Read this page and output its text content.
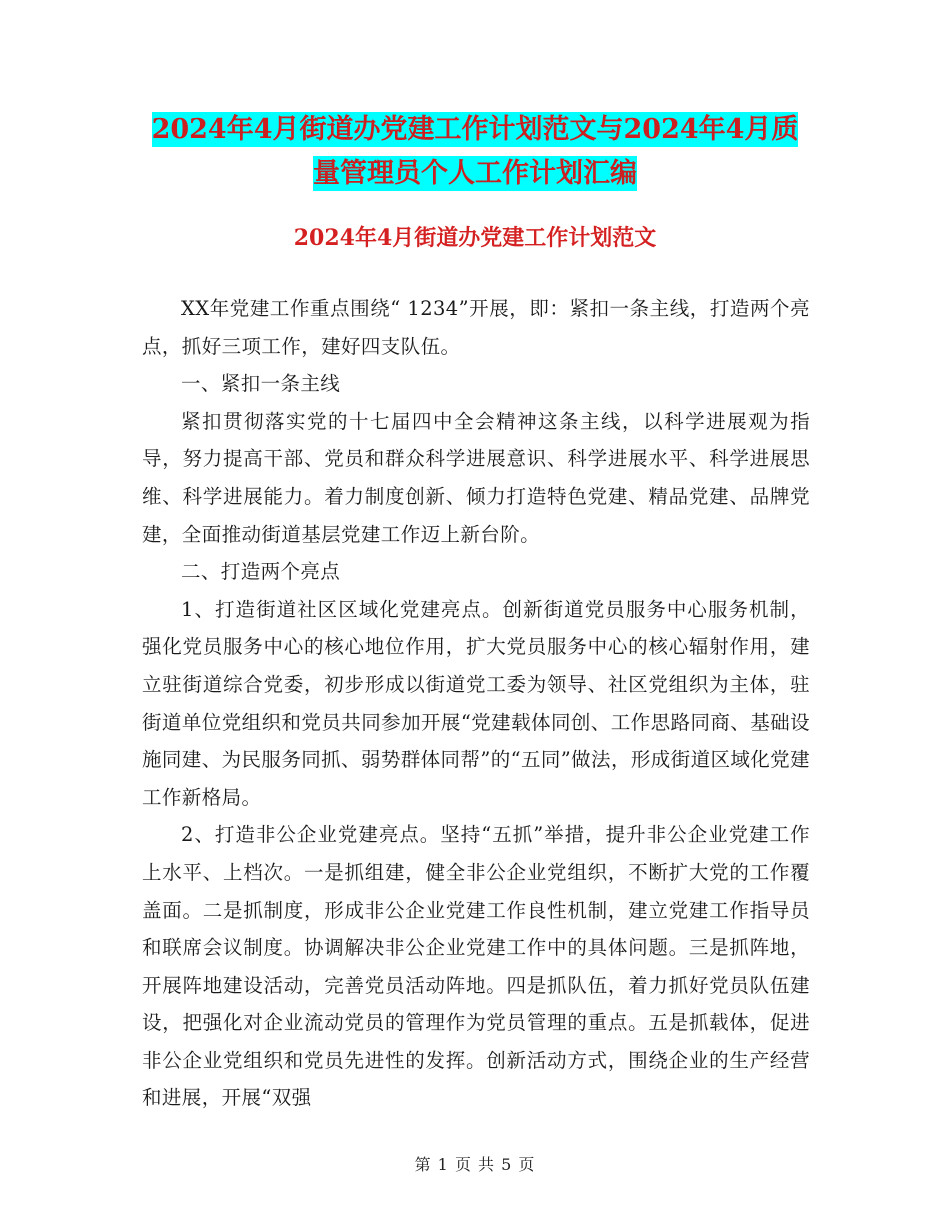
2024年4月街道办党建工作计划范文与2024年4月质量管理员个人工作计划汇编
2024年4月街道办党建工作计划范文

XX年党建工作重点围绕“ 1234”开展，即：紧扣一条主线，打造两个亮点，抓好三项工作，建好四支队伍。

一、紧扣一条主线

紧扣贯彻落实党的十七届四中全会精神这条主线，以科学进展观为指导，努力提高干部、党员和群众科学进展意识、科学进展水平、科学进展思维、科学进展能力。着力制度创新、倾力打造特色党建、精品党建、品牌党建，全面推动街道基层党建工作迈上新台阶。

二、打造两个亮点

1、打造街道社区区域化党建亮点。创新街道党员服务中心服务机制，强化党员服务中心的核心地位作用，扩大党员服务中心的核心辐射作用，建立驻街道综合党委，初步形成以街道党工委为领导、社区党组织为主体，驻街道单位党组织和党员共同参加开展“党建载体同创、工作思路同商、基础设施同建、为民服务同抓、弱势群体同帮”的“五同”做法，形成街道区域化党建工作新格局。

2、打造非公企业党建亮点。坚持“五抓”举措，提升非公企业党建工作上水平、上档次。一是抓组建，健全非公企业党组织，不断扩大党的工作覆盖面。二是抓制度，形成非公企业党建工作良性机制，建立党建工作指导员和联席会议制度。协调解决非公企业党建工作中的具体问题。三是抓阵地，开展阵地建设活动，完善党员活动阵地。四是抓队伍，着力抓好党员队伍建设，把强化对企业流动党员的管理作为党员管理的重点。五是抓载体，促进非公企业党组织和党员先进性的发挥。创新活动方式，围绕企业的生产经营和进展，开展“双强

第 1 页 共 5 页
